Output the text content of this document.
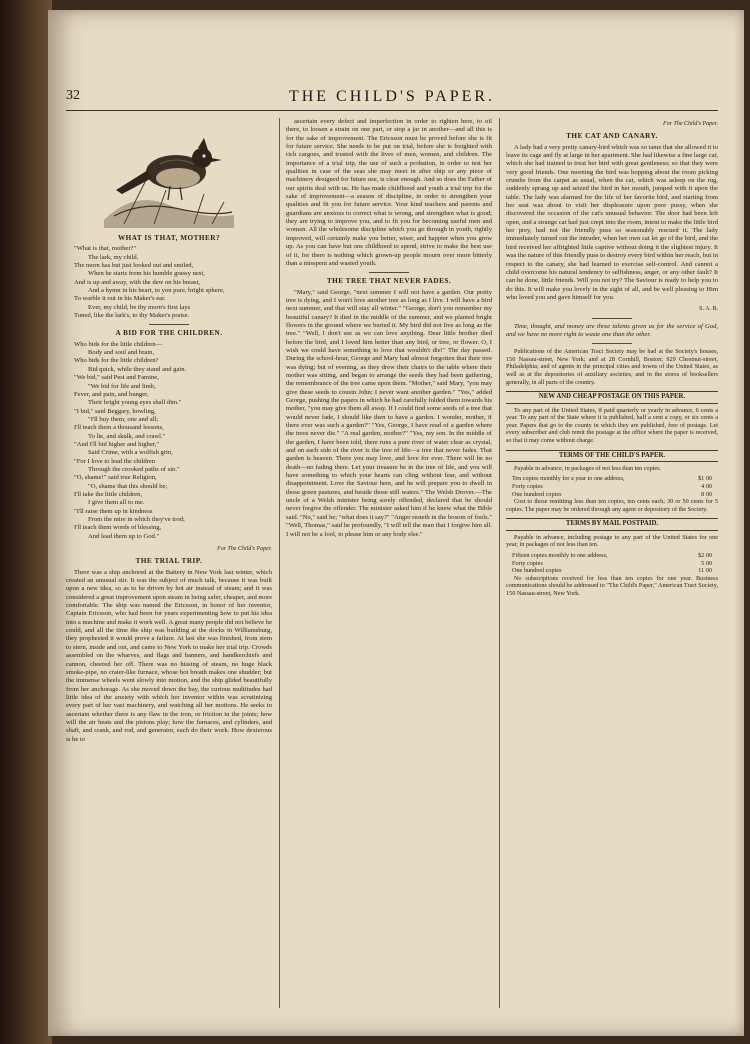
32	THE CHILD'S PAPER.
WHAT IS THAT, MOTHER?
"What is that, mother?"
The lark, my child.
The morn has but just looked out and smiled,
When he starts from his humble grassy nest,
And is up and away, with the dew on his breast,
And a hymn in his heart, to yon pure, bright sphere,
To warble it out in his Maker's ear.
Ever, my child, be thy morn's first lays
Tuned, like the lark's, to thy Maker's praise.
A BID FOR THE CHILDREN.
Who bids for the little children—
Body and soul and brain,
Who bids for the little children?
Bid quick, while they stand and gain.
"We bid," said Pest and Famine,
"We bid for life and limb,
Fever, and pain, and hunger,
Their bright young eyes shall dim."
"I bid," said Beggary, howling,
"I'll buy them, one and all;
I'll teach them a thousand lessons,
To lie, and skulk, and crawl."
"And I'll bid higher and higher,"
Said Crime, with a wolfish grin,
"For I love to lead the children
Through the crooked paths of sin."
"O, shame!" said true Religion,
"O, shame that this should be;
I'll take the little children,
I give them all to me.
"I'll raise them up in kindness
From the mire in which they've trod;
I'll teach them words of blessing,
And lead them up to God."
For The Child's Paper.
THE TRIAL TRIP.

There was a ship anchored at the Battery in New York last winter, which created an unusual stir. It was the subject of much talk, because it was built upon a new idea, so as to be driven by hot air instead of steam; and it was considered a great improvement upon steam in being safer, cheaper, and more comfortable. The ship was named the Ericsson, in honor of her inventor, Captain Ericsson, who had been for years experimenting how to put his idea into a machine and make it work well. A great many people did not believe he could, and all the time the ship was building at the docks in Williamsburg, they prophesied it would prove a failure. At last she was finished, from stem to stern, inside and out, and came to New York to make her trial trip. Crowds assembled on the wharves, and flags and banners, and handkerchiefs and cannon, cheered her off. There was no hissing of steam, no huge black smoke-pipe, no crater-like furnace, whose hot breath makes one shudder; but the immense wheels went slowly into motion, and the ship glided beautifully from her anchorage. As she moved down the bay, the curious multitudes had little idea of the anxiety with which her inventor within was scrutinizing every part of her vast machinery, and watching all her motions. He seeks to ascertain whether there is any flaw in the iron, or friction in the joints; how will the air heats and the pistons play; how the furnaces, and cylinders, and shaft, and crank, and rod, and generator, each do their work. How dexterous is he to

ascertain every defect and imperfection in order to righten here, to oil there, to loosen a strain on one part, or stop a jar in another—and all this is for the sake of improvement. The Ericsson must be proved before she is fit for future service. She needs to be put on trial, before she is freighted with rich cargoes, and trusted with the lives of men, women, and children. The importance of a trial trip, the use of such a probation, in order to test her qualities in case of the seas she may meet in after ship or any piece of machinery designed for future use, is clear enough. And so does the Father of our spirits deal with us. He has made childhood and youth a trial trip for the sake of improvement—a season of discipline, in order to strengthen your qualities and fit you for future service. Your kind teachers and parents and guardians are anxious to correct what is wrong, and strengthen what is good; they are trying to improve you, and to fit you for becoming useful men and women. All the wholesome discipline which you go through in youth, rightly improved, will certainly make you better, wiser, and happier when you grow up. As you can have but one childhood to spend, strive to make the best use of it, for there is nothing which grown-up people mourn over more bitterly than a misspent and wasted youth.

THE TREE THAT NEVER FADES.

"Mary," said George, "next summer I will not have a garden. Our pretty tree is dying, and I won't love another tree as long as I live. I will have a bird next summer, and that will stay all winter." "George, don't you remember my beautiful canary? It died in the middle of the summer, and we planted bright flowers in the ground where we buried it. My bird did not live as long as the tree." "Well, I don't see as we can love anything. Dear little brother died before the bird, and I loved him better than any bird, or tree, or flower. O, I wish we could have something to love that wouldn't die!" The day passed. During the school-hour, George and Mary had almost forgotten that their tree was dying; but of evening, as they drew their chairs to the table where their mother was sitting, and began to arrange the seeds they had been gathering, the remembrance of the tree came upon them. "Mother," said Mary, "you may give these seeds to cousin John; I never want another garden." "Yes," added George, pushing the papers in which he had carefully folded them towards his mother, "you may give them all away. If I could find some seeds of a tree that would never fade, I should like then to have a garden. I wonder, mother, if there ever was such a garden?" "Yes, George, I have read of a garden where the trees never die." "A real garden, mother?" "Yes, my son. In the middle of the garden, I have been told, there runs a pure river of water clear as crystal, and on each side of the river is the tree of life—a tree that never fades. That garden is heaven. There you may love, and love for ever. There will be no death—no fading there. Let your treasure be in the tree of life, and you will have something to which your hearts can cling without fear, and without disappointment. Love the Saviour here, and he will prepare you to dwell in those green pastures, and beside those still waters." The Welsh Drover.—The uncle of a Welsh minister being sorely offended, declared that he should never forgive the offender. The minister asked him if he knew what the Bible said. "No," said he; "what does it say?" "Anger resteth in the bosom of fools." "Well, Thomas," said he profoundly, "I will tell the man that I forgive him all. I will not be a fool, to please him or any body else."

For The Child's Paper.
THE CAT AND CANARY.

A lady had a very pretty canary-bird which was so tame that she allowed it to leave its cage and fly at large in her apartment. She had likewise a fine large cat, which she had trained to treat her bird with great gentleness; so that they were very good friends. One morning the bird was hopping about the room picking crumbs from the carpet as usual, when the cat, which was asleep on the rug, suddenly sprang up and seized the bird in her mouth, jumped with it upon the table. The lady was alarmed for the life of her favorite bird, and starting from her seat was about to visit her displeasure upon poor pussy, when she discovered the occasion of the cat's unusual behavior. The door had been left open, and a strange cat had just crept into the room, intent to make the little bird her prey, had not the friendly puss so seasonably rescued it. The lady immediately turned out the intruder, when her own cat let go of the bird, and the bird received her affrighted little captive without doing it the slightest injury. It was the nature of this friendly puss to destroy every bird within her reach, but in respect to the canary, she had learned to exercise self-control. And cannot a child overcome his natural tendency to selfishness, anger, or any other fault? It can be done, little friends. Will you not try? The Saviour is ready to help you to do this. It will make you lovely in the sight of all, and be well pleasing to Him who loved you and gave himself for you.

S. A. B.

Time, thought, and money are three talents given us for the service of God, and we have no more right to waste one than the other.

Publications of the American Tract Society may be had at the Society's houses, 150 Nassau-street, New York; and at 28 Cornhill, Boston; 929 Chestnut-street, Philadelphia; and of agents in the principal cities and towns of the United States, as well as at the depositories of auxiliary societies, and in the stores of booksellers generally, in all parts of the country.

NEW AND CHEAP POSTAGE ON THIS PAPER.

To any part of the United States, if paid quarterly or yearly in advance, 6 cents a year. To any part of the State where it is published, half a cent a copy, or six cents a year. Papers that go to the county in which they are published, free of postage. Let every subscriber and club remit the postage at the office where the paper is received, so that it may come without charge.

TERMS OF THE CHILD'S PAPER.

Payable in advance, in packages of not less than ten copies.

Ten copies monthly for a year to one address,	$1 00
Forty copies	4 00
One hundred copies	8 00

Cost to those remitting less than ten copies, ten cents each; 30 or 50 cents for 5 copies. The paper may be ordered through any agent or depository of the Society.

TERMS BY MAIL POSTPAID.

Payable in advance, including postage to any part of the United States for one year, in packages of not less than ten.

Fifteen copies monthly to one address,	$2 00
Forty copies	5 00
One hundred copies	11 00

No subscriptions received for less than ten copies for one year. Business communications should be addressed to "The Child's Paper," American Tract Society, 150 Nassau-street, New York.
